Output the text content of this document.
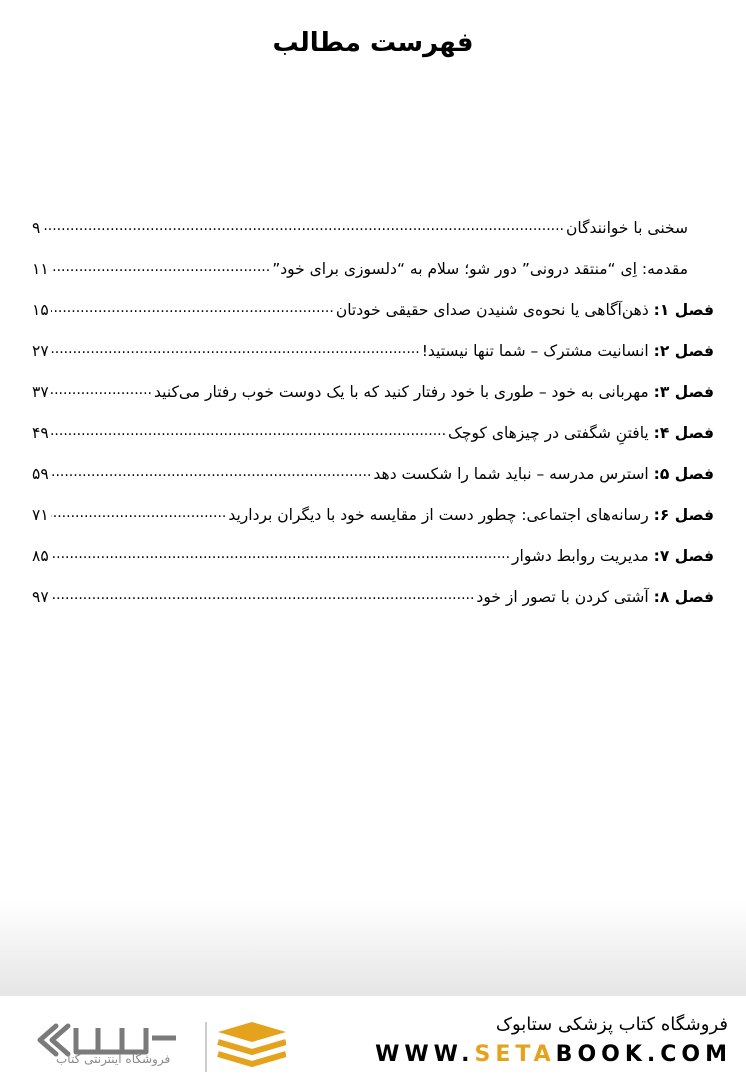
فهرست مطالب
سخنی با خوانندگان
.....
۹
مقدمه: اِی “منتقد درونی” دور شو؛ سلام به “دلسوزی برای خود”
.....
۱۱
فصل ۱: ذهن‌آگاهی یا نحوه‌ی شنیدن صدای حقیقی خودتان
.....
۱۵
فصل ۲: انسانیت مشترک – شما تنها نیستید!
.....
۲۷
فصل ۳: مهربانی به خود – طوری با خود رفتار کنید که با یک دوست خوب رفتار می‌کنید
.....
۳۷
فصل ۴: یافتنِ شگفتی در چیزهای کوچک
.....
۴۹
فصل ۵: استرس مدرسه – نباید شما را شکست دهد
.....
۵۹
فصل ۶: رسانه‌های اجتماعی: چطور دست از مقایسه خود با دیگران بردارید
.....
۷۱
فصل ۷: مدیریت روابط دشوار
.....
۸۵
فصل ۸: آشتی کردن با تصور از خود
.....
۹۷
فروشگاه اینترنتی کتاب
فروشگاه کتاب پزشکی ستابوک
WWW.SETABOOK.COM
